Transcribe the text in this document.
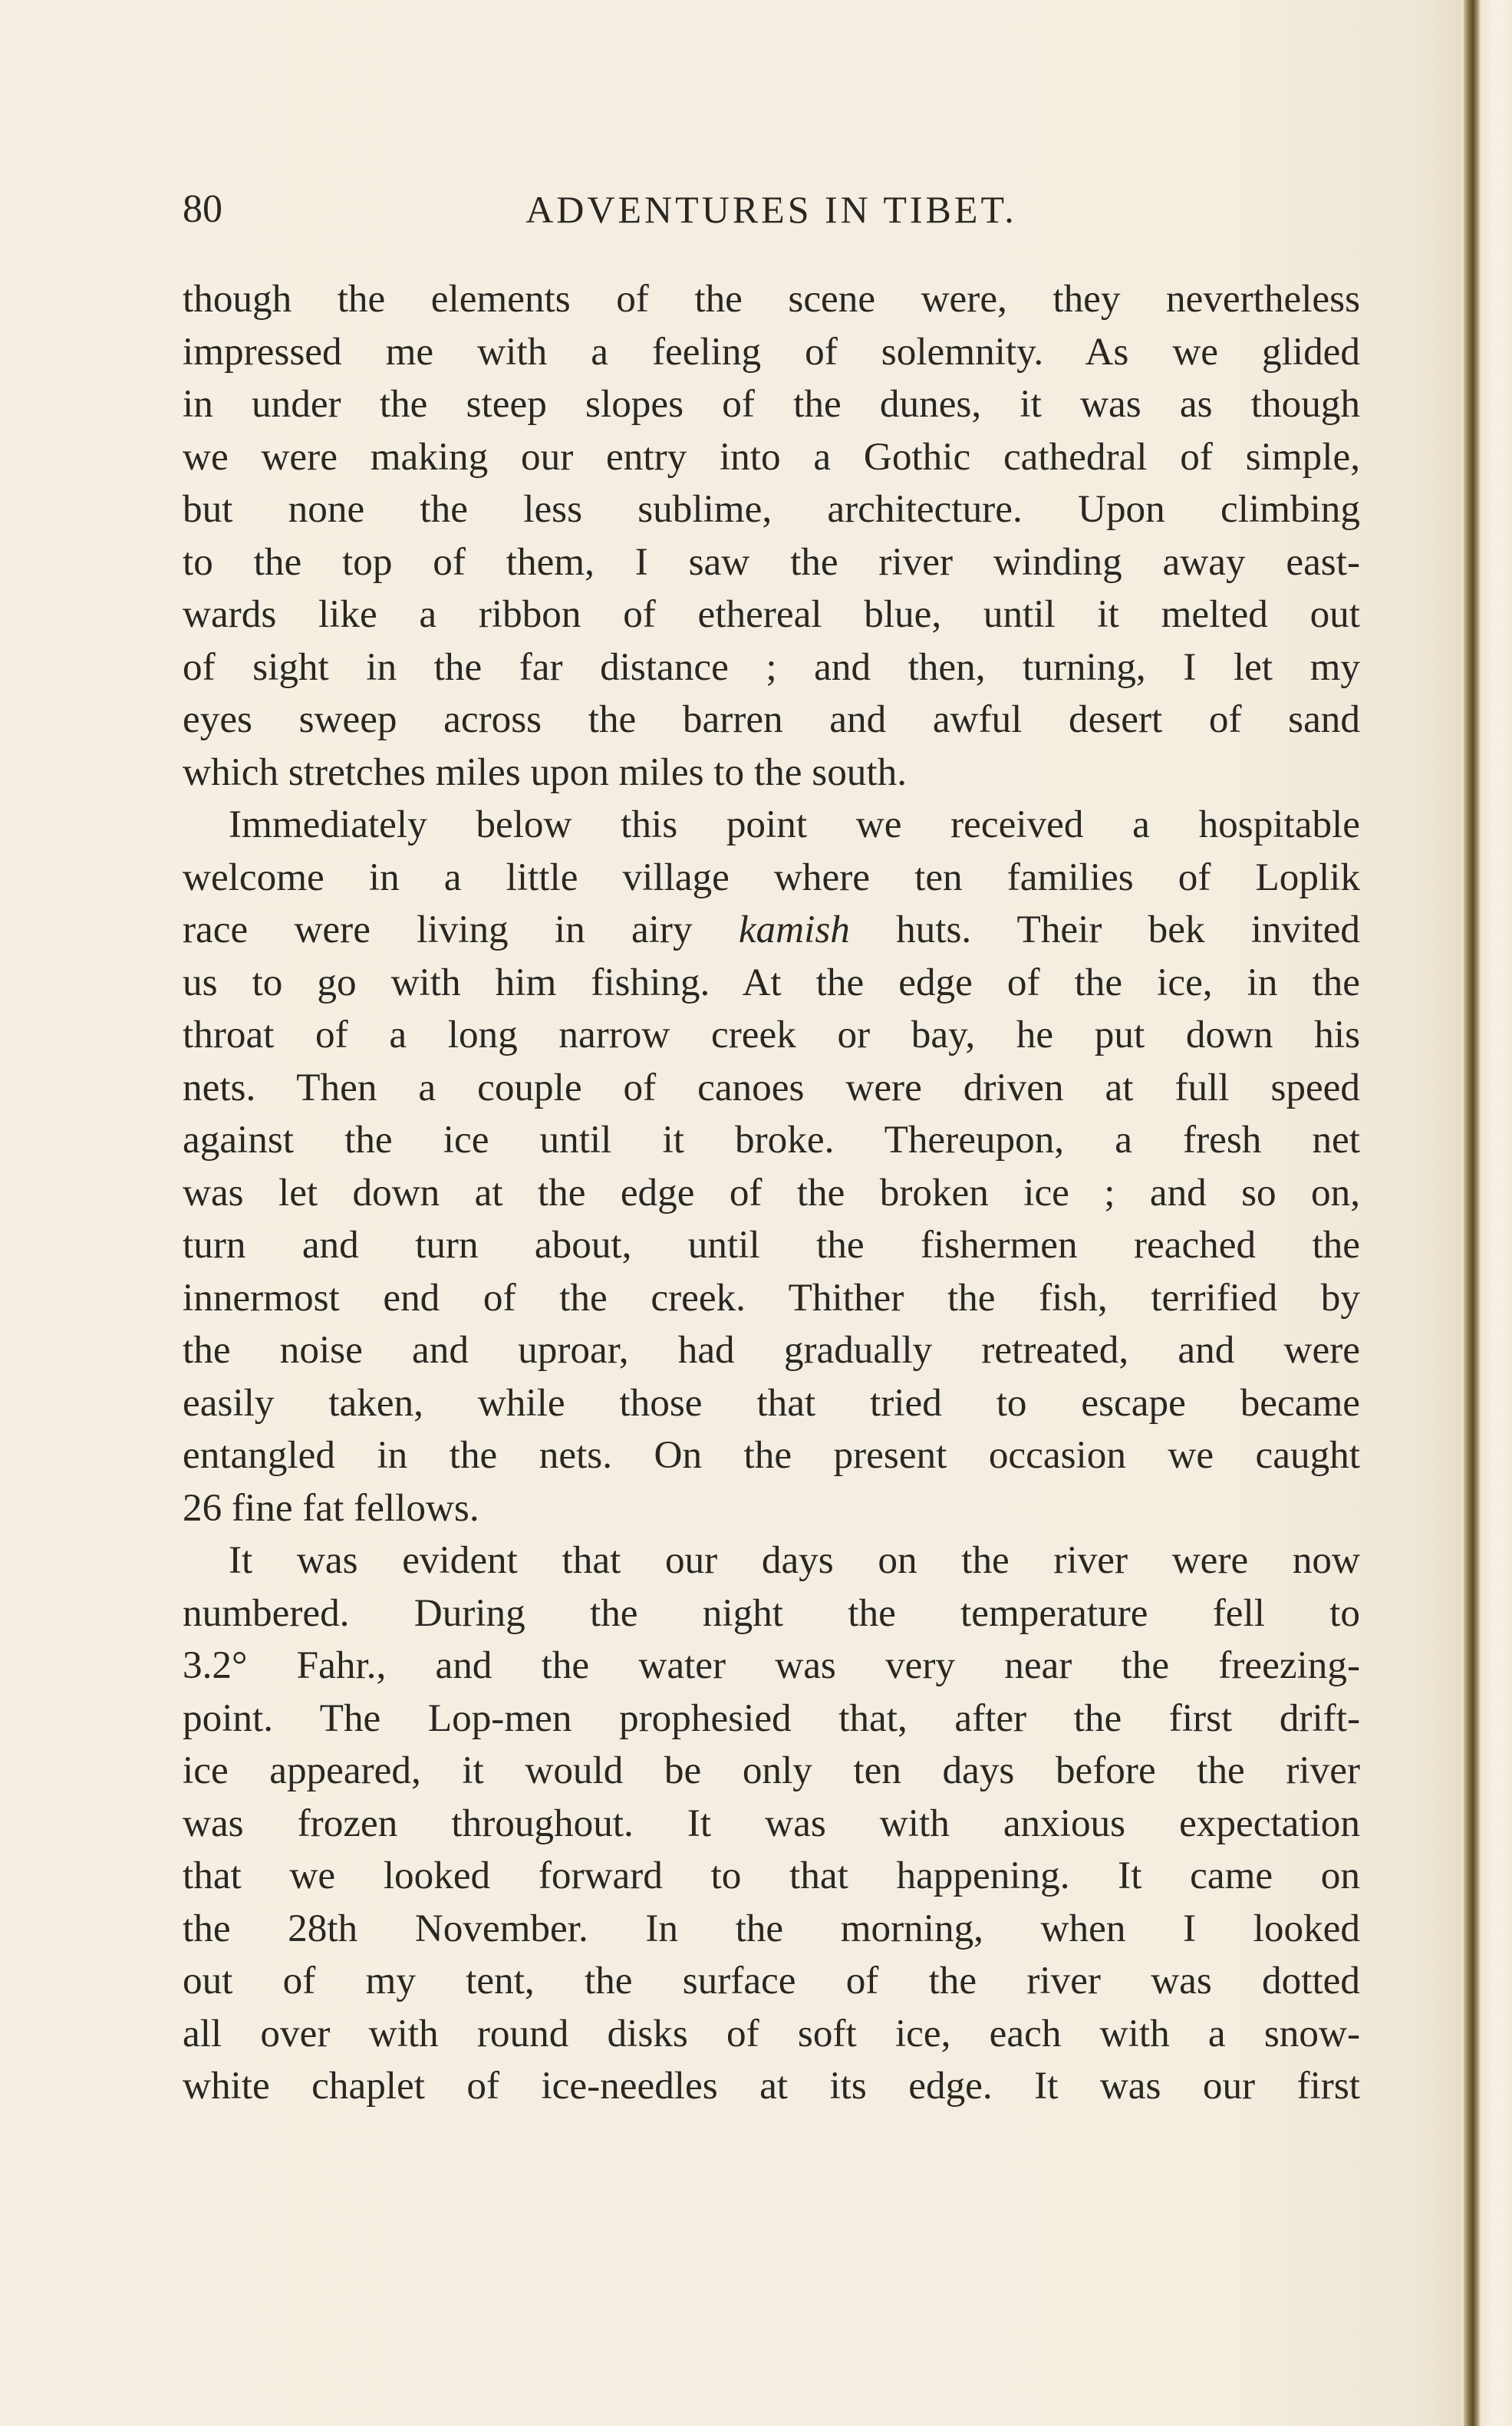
80	ADVENTURES IN TIBET.

though the elements of the scene were, they nevertheless
impressed me with a feeling of solemnity. As we glided
in under the steep slopes of the dunes, it was as though
we were making our entry into a Gothic cathedral of simple,
but none the less sublime, architecture. Upon climbing
to the top of them, I saw the river winding away east-
wards like a ribbon of ethereal blue, until it melted out
of sight in the far distance ; and then, turning, I let my
eyes sweep across the barren and awful desert of sand
which stretches miles upon miles to the south.

Immediately below this point we received a hospitable
welcome in a little village where ten families of Loplik
race were living in airy kamish huts. Their bek invited
us to go with him fishing. At the edge of the ice, in the
throat of a long narrow creek or bay, he put down his
nets. Then a couple of canoes were driven at full speed
against the ice until it broke. Thereupon, a fresh net
was let down at the edge of the broken ice ; and so on,
turn and turn about, until the fishermen reached the
innermost end of the creek. Thither the fish, terrified by
the noise and uproar, had gradually retreated, and were
easily taken, while those that tried to escape became
entangled in the nets. On the present occasion we caught
26 fine fat fellows.

It was evident that our days on the river were now
numbered. During the night the temperature fell to
3.2° Fahr., and the water was very near the freezing-
point. The Lop-men prophesied that, after the first drift-
ice appeared, it would be only ten days before the river
was frozen throughout. It was with anxious expectation
that we looked forward to that happening. It came on
the 28th November. In the morning, when I looked
out of my tent, the surface of the river was dotted
all over with round disks of soft ice, each with a snow-
white chaplet of ice-needles at its edge. It was our first
